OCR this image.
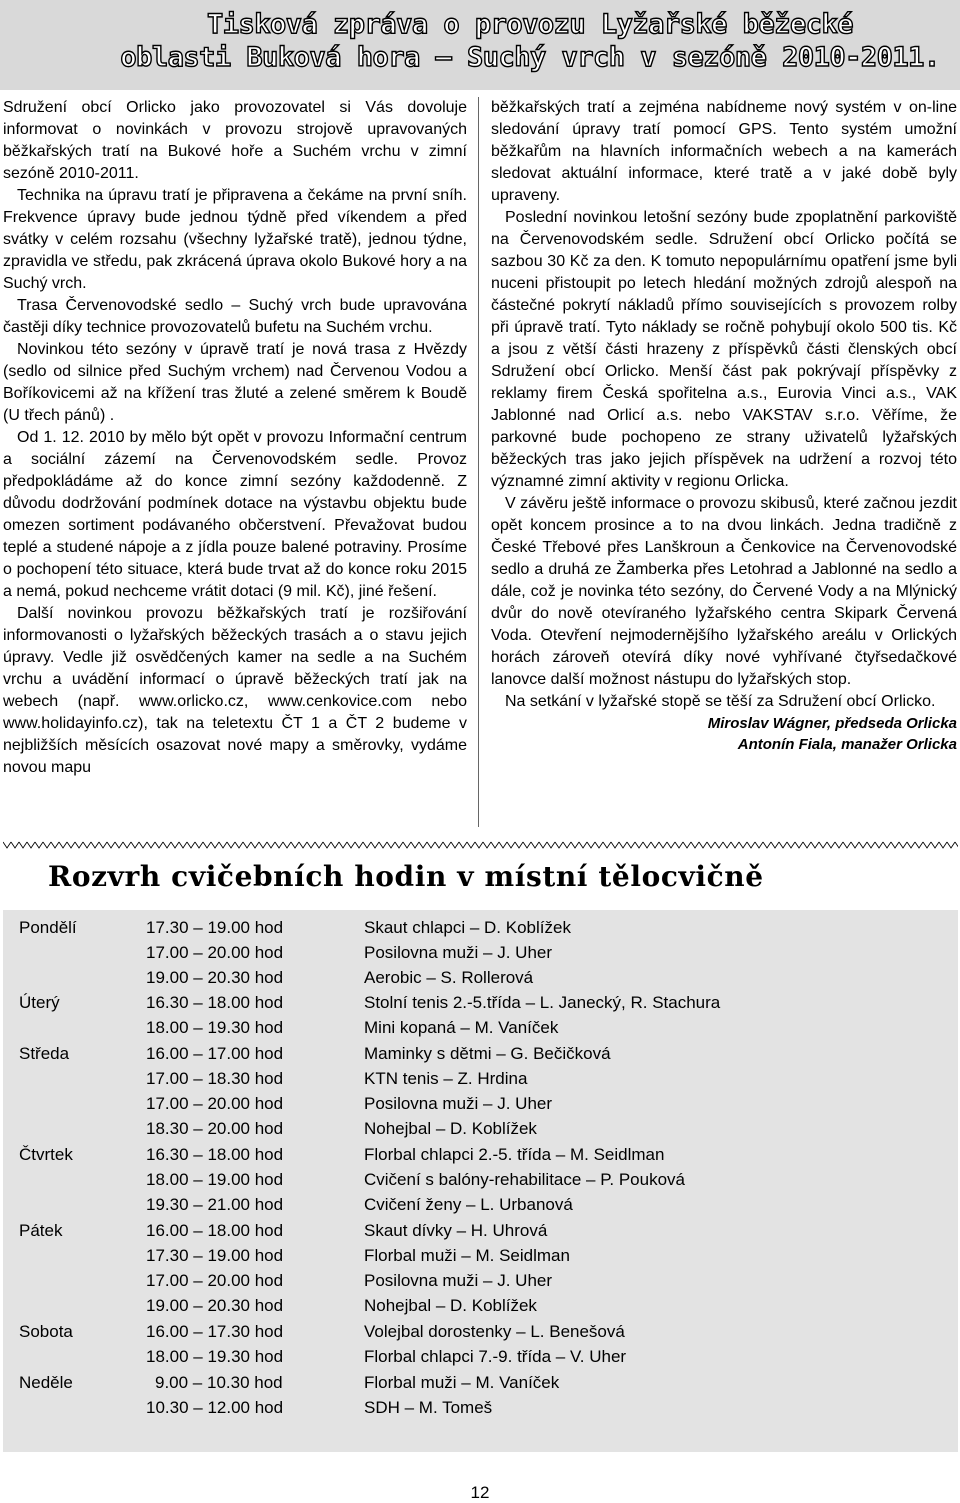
Tisková zpráva o provozu Lyžařské běžecké
oblasti Buková hora – Suchý vrch v sezóně 2010-2011.

Sdružení obcí Orlicko jako provozovatel si Vás dovoluje informovat o novinkách v provozu strojově upravovaných běžkařských tratí na Bukové hoře a Suchém vrchu v zimní sezóně 2010-2011.

Technika na úpravu tratí je připravena a čekáme na první sníh. Frekvence úpravy bude jednou týdně před víkendem a před svátky v celém rozsahu (všechny lyžařské tratě), jednou týdne, zpravidla ve středu, pak zkrácená úprava okolo Bukové hory a na Suchý vrch.

Trasa Červenovodské sedlo – Suchý vrch bude upravována častěji díky technice provozovatelů bufetu na Suchém vrchu.

Novinkou této sezóny v úpravě tratí je nová trasa z Hvězdy (sedlo od silnice před Suchým vrchem) nad Červenou Vodou a Boříkovicemi až na křížení tras žluté a zelené směrem k Boudě (U třech pánů) .

Od 1. 12. 2010 by mělo být opět v provozu Informační centrum a sociální zázemí na Červenovodském sedle. Provoz předpokládáme až do konce zimní sezóny každodenně. Z důvodu dodržování podmínek dotace na výstavbu objektu bude omezen sortiment podávaného občerstvení. Převažovat budou teplé a studené nápoje a z jídla pouze balené potraviny. Prosíme o pochopení této situace, která bude trvat až do konce roku 2015 a nemá, pokud nechceme vrátit dotaci (9 mil. Kč), jiné řešení.

Další novinkou provozu běžkařských tratí je rozšiřování informovanosti o lyžařských běžeckých trasách a o stavu jejich úpravy. Vedle již osvědčených kamer na sedle a na Suchém vrchu a uvádění informací o úpravě běžeckých tratí jak na webech (např. www.orlicko.cz, www.cenkovice.com nebo www.holidayinfo.cz), tak na teletextu ČT 1 a ČT 2 budeme v nejbližších měsících osazovat nové mapy a směrovky, vydáme novou mapu

běžkařských tratí a zejména nabídneme nový systém v on-line sledování úpravy tratí pomocí GPS. Tento systém umožní běžkařům na hlavních informačních webech a na kamerách sledovat aktuální informace, které tratě a v jaké době byly upraveny.

Poslední novinkou letošní sezóny bude zpoplatnění parkoviště na Červenovodském sedle. Sdružení obcí Orlicko počítá se sazbou 30 Kč za den. K tomuto nepopulárnímu opatření jsme byli nuceni přistoupit po letech hledání možných zdrojů alespoň na částečné pokrytí nákladů přímo souvisejících s provozem rolby při úpravě tratí. Tyto náklady se ročně pohybují okolo 500 tis. Kč a jsou z větší části hrazeny z příspěvků části členských obcí Sdružení obcí Orlicko. Menší část pak pokrývají příspěvky z reklamy firem Česká spořitelna a.s., Eurovia Vinci a.s., VAK Jablonné nad Orlicí a.s. nebo VAKSTAV s.r.o. Věříme, že parkovné bude pochopeno ze strany uživatelů lyžařských běžeckých tras jako jejich příspěvek na udržení a rozvoj této významné zimní aktivity v regionu Orlicka.

V závěru ještě informace o provozu skibusů, které začnou jezdit opět koncem prosince a to na dvou linkách. Jedna tradičně z České Třebové přes Lanškroun a Čenkovice na Červenovodské sedlo a druhá ze Žamberka přes Letohrad a Jablonné na sedlo a dále, což je novinka této sezóny, do Červené Vody a na Mlýnický dvůr do nově otevíraného lyžařského centra Skipark Červená Voda. Otevření nejmodernějšího lyžařského areálu v Orlických horách zároveň otevírá díky nové vyhřívané čtyřsedačkové lanovce další možnost nástupu do lyžařských stop.

Na setkání v lyžařské stopě se těší za Sdružení obcí Orlicko.

Miroslav Wágner, předseda Orlicka

Antonín Fiala, manažer Orlicka

Rozvrh cvičebních hodin v místní tělocvičně
Pondělí	17.30 – 19.00 hod	Skaut chlapci – D. Koblížek
17.00 – 20.00 hod	Posilovna muži – J. Uher
19.00 – 20.30 hod	Aerobic – S. Rollerová
Úterý	16.30 – 18.00 hod	Stolní tenis 2.-5.třída – L. Janecký, R. Stachura
18.00 – 19.30 hod	Mini kopaná – M. Vaníček
Středa	16.00 – 17.00 hod	Maminky s dětmi – G. Bečičková
17.00 – 18.30 hod	KTN tenis – Z. Hrdina
17.00 – 20.00 hod	Posilovna muži – J. Uher
18.30 – 20.00 hod	Nohejbal – D. Koblížek
Čtvrtek	16.30 – 18.00 hod	Florbal chlapci 2.-5. třída – M. Seidlman
18.00 – 19.00 hod	Cvičení s balóny-rehabilitace – P. Pouková
19.30 – 21.00 hod	Cvičení ženy – L. Urbanová
Pátek	16.00 – 18.00 hod	Skaut dívky – H. Uhrová
17.30 – 19.00 hod	Florbal muži – M. Seidlman
17.00 – 20.00 hod	Posilovna muži – J. Uher
19.00 – 20.30 hod	Nohejbal – D. Koblížek
Sobota	16.00 – 17.30 hod	Volejbal dorostenky – L. Benešová
18.00 – 19.30 hod	Florbal chlapci 7.-9. třída – V. Uher
Neděle	9.00 – 10.30 hod	Florbal muži – M. Vaníček
10.30 – 12.00 hod	SDH – M. Tomeš
12
